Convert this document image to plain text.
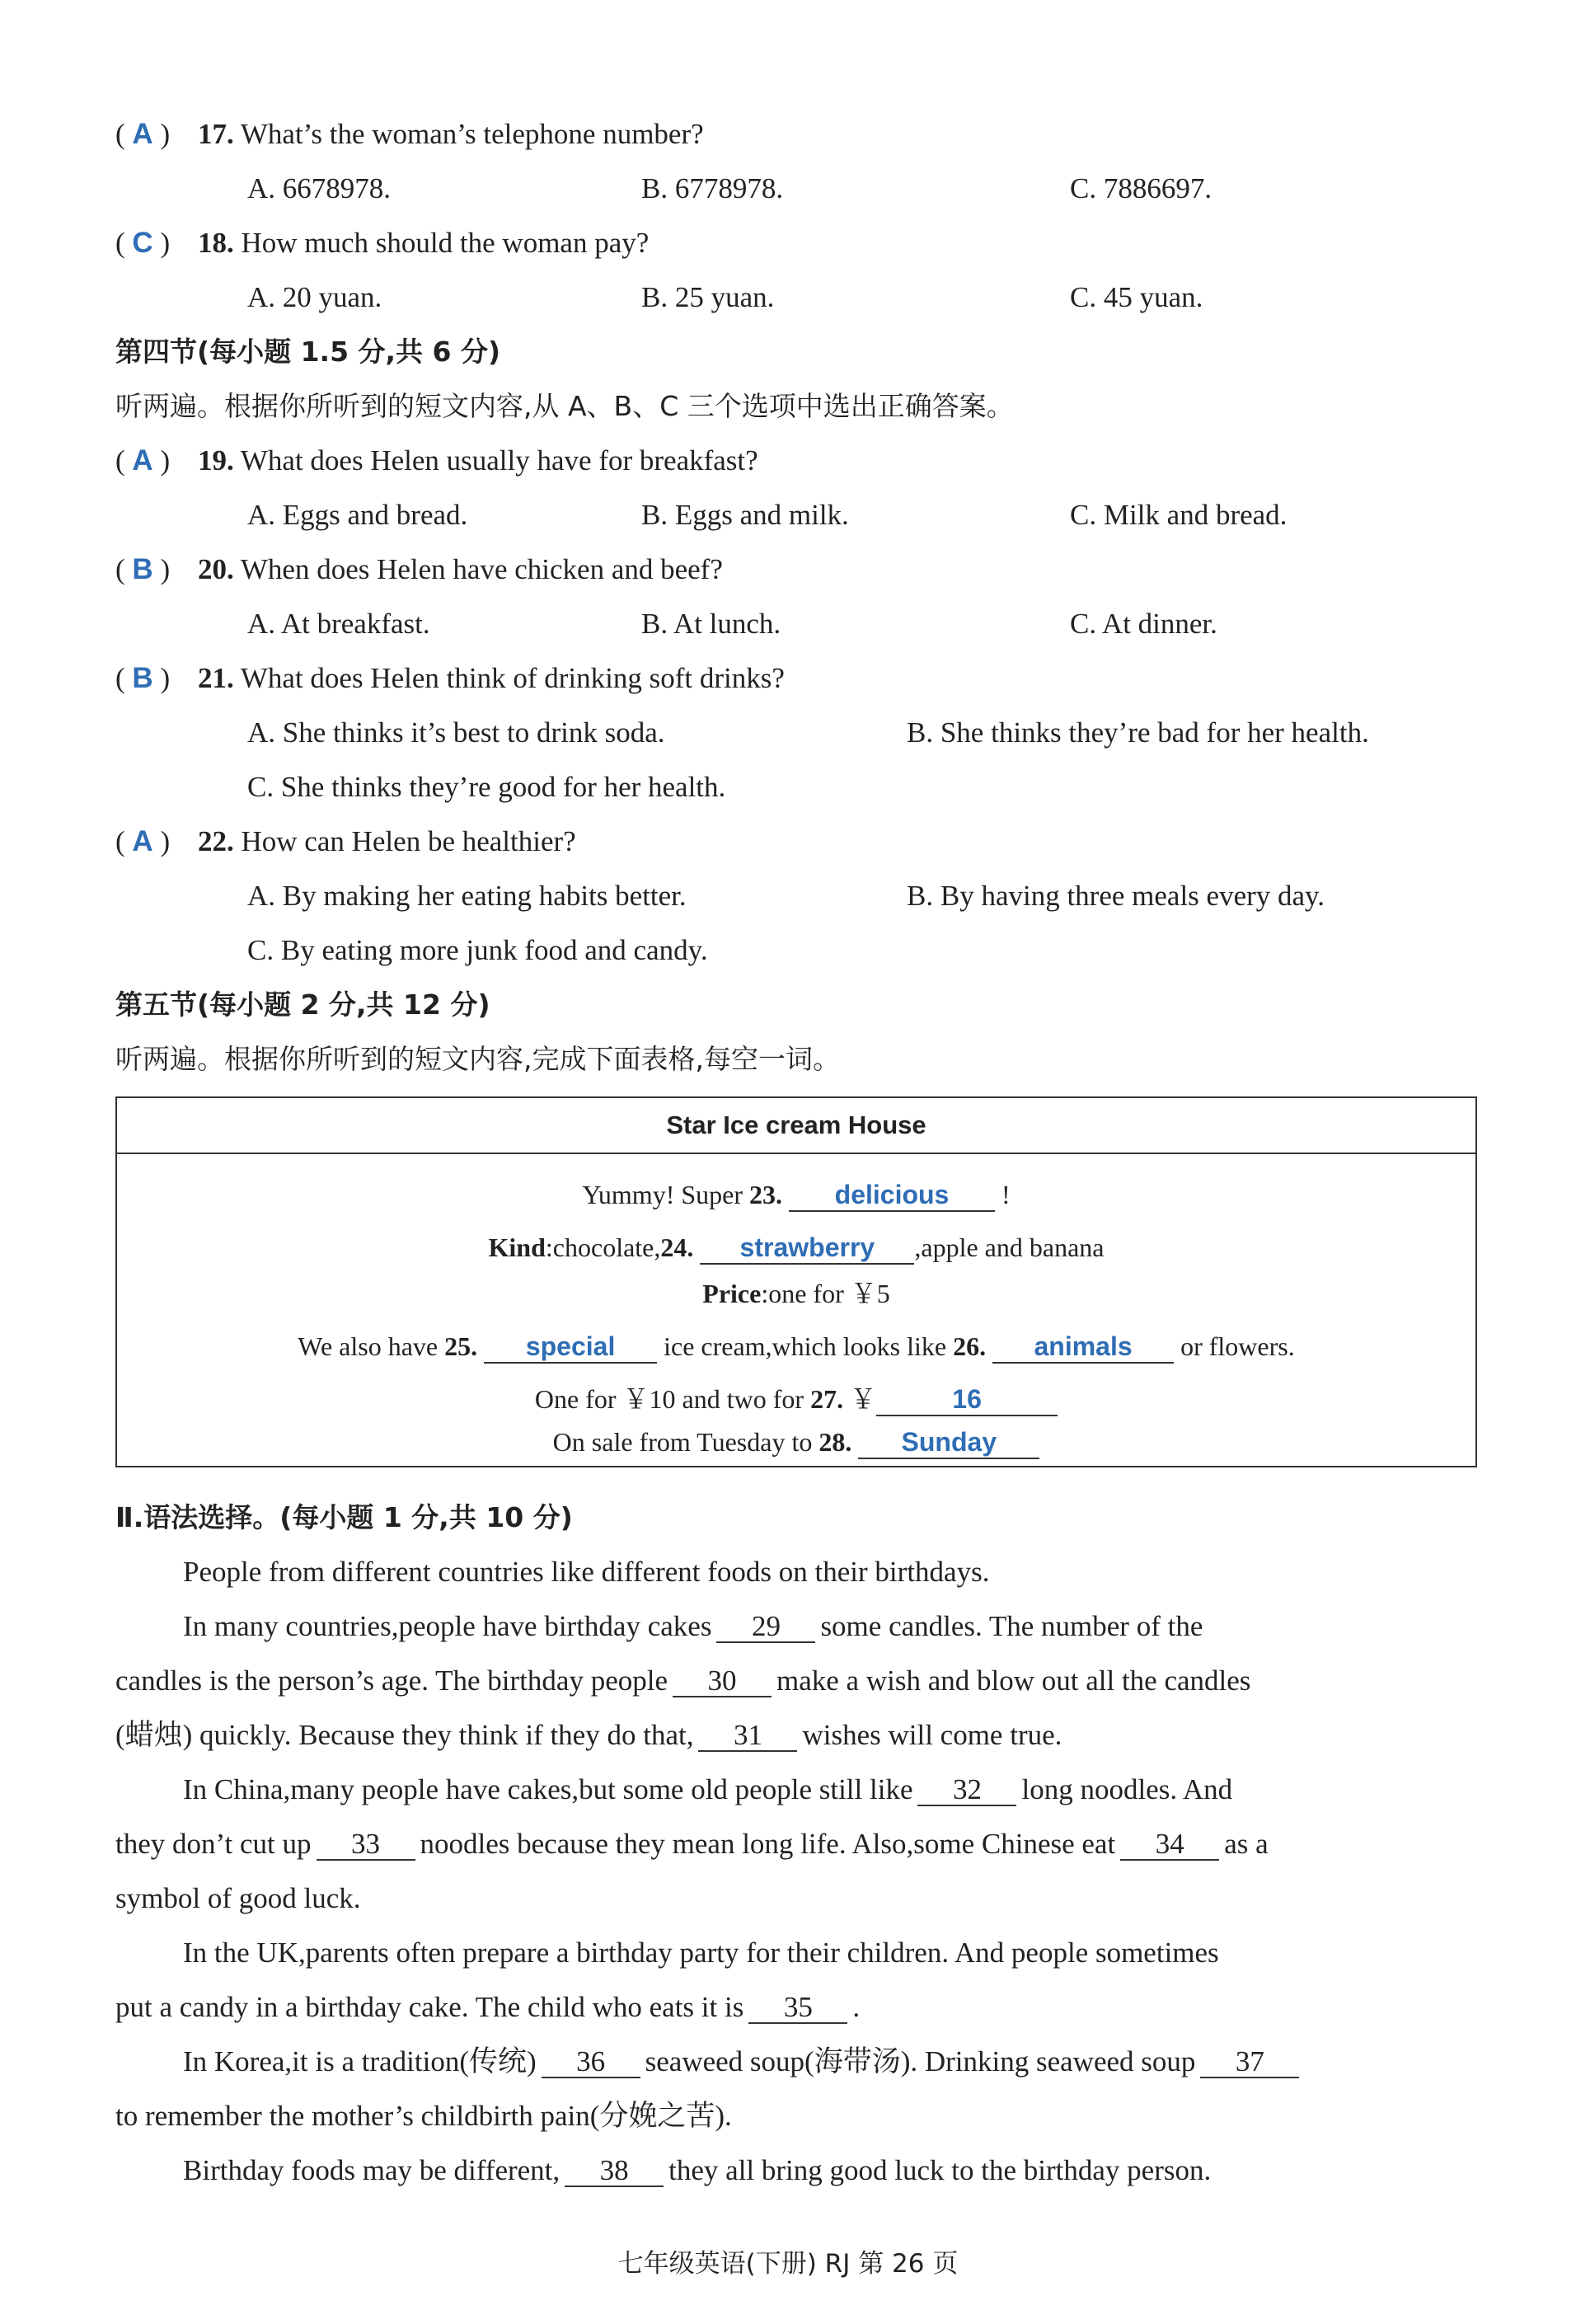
( A ) 17. What’s the woman’s telephone number?
A. 6678978.	B. 6778978.	C. 7886697.
( C ) 18. How much should the woman pay?
A. 20 yuan.	B. 25 yuan.	C. 45 yuan.
第四节(每小题 1.5 分,共 6 分)
听两遍。根据你所听到的短文内容,从 A、B、C 三个选项中选出正确答案。
( A ) 19. What does Helen usually have for breakfast?
A. Eggs and bread.	B. Eggs and milk.	C. Milk and bread.
( B ) 20. When does Helen have chicken and beef?
A. At breakfast.	B. At lunch.	C. At dinner.
( B ) 21. What does Helen think of drinking soft drinks?
A. She thinks it’s best to drink soda.	B. She thinks they’re bad for her health.
C. She thinks they’re good for her health.
( A ) 22. How can Helen be healthier?
A. By making her eating habits better.	B. By having three meals every day.
C. By eating more junk food and candy.
第五节(每小题 2 分,共 12 分)
听两遍。根据你所听到的短文内容,完成下面表格,每空一词。
Star Ice cream House
Yummy! Super 23. delicious !
Kind:chocolate,24. strawberry ,apple and banana
Price:one for ￥5
We also have 25. special ice cream,which looks like 26. animals or flowers.
One for ￥10 and two for 27. ￥	16
On sale from Tuesday to 28. Sunday
Ⅱ.语法选择。(每小题 1 分,共 10 分)
People from different countries like different foods on their birthdays.
In many countries,people have birthday cakes 29 some candles. The number of the
candles is the person’s age. The birthday people 30 make a wish and blow out all the candles
(蜡烛) quickly. Because they think if they do that, 31 wishes will come true.
In China,many people have cakes,but some old people still like 32 long noodles. And
they don’t cut up 33 noodles because they mean long life. Also,some Chinese eat 34 as a
symbol of good luck.
In the UK,parents often prepare a birthday party for their children. And people sometimes
put a candy in a birthday cake. The child who eats it is 35 .
In Korea,it is a tradition(传统) 36 seaweed soup(海带汤). Drinking seaweed soup 37
to remember the mother’s childbirth pain(分娩之苦).
Birthday foods may be different, 38 they all bring good luck to the birthday person.
七年级英语(下册) RJ 第 26 页
